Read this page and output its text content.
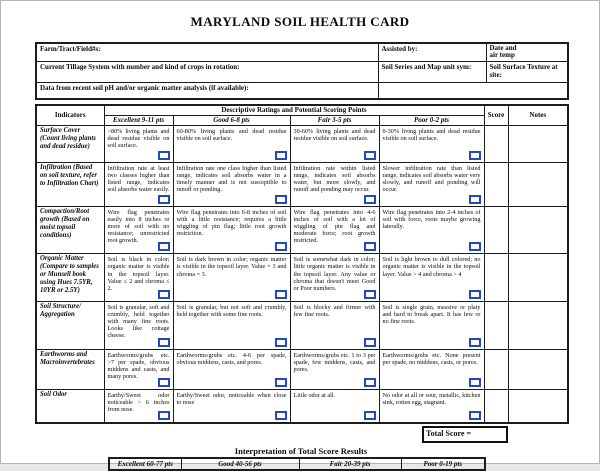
MARYLAND SOIL HEALTH CARD
Farm/Tract/Field#s:	Assisted by:	Date and
air temp

Current Tillage System with number and kind of crops in rotation:	Soil Series and Map unit sym:	Soil Surface Texture at site:
Data from recent soil pH and/or organic matter analysis (if available):		
Indicators	Descriptive Ratings and Potential Scoring Points				Score	Notes
	Excellent 9-11 pts	Good 6-8 pts	Fair 3-5 pts	Poor 0-2 pts		
Surface Cover (Count living plants and dead residue)	>80% living plants and dead residue visible on soil surface.	60-80% living plants and dead residue visible on soil surface.	30-60% living plants and dead residue visible on soil surface.	0-30% living plants and dead residue visible on soil surface.

Infiltration (Based on soil texture, refer to Infiltration Chart)	Infiltration rate at least two classes higher than listed range, indicates soil absorbs water easily.	Infiltration rate one class higher than listed range, indicates soil absorbs water in a timely manner and is not susceptible to runoff or ponding.	Infiltration rate within listed range, indicates soil absorbs water, but more slowly, and runoff and ponding may occur.	Slower infiltration rate than listed range, indicates soil absorbs water very slowly, and runoff and ponding will occur.

Compaction/Root growth (Based on moist topsoil conditions)	Wire flag penetrates easily into 8 inches or more of soil with no resistance; unrestricted root growth.	Wire flag penetrates into 6-8 inches of soil with a little resistance; requires a little wiggling of pin flag; little root growth restriction.	Wire flag penetrates into 4-6 inches of soil with a lot of wiggling of pin flag and moderate force; root growth restricted.	Wire flag penetrates into 2-4 inches of soil with force, roots maybe growing laterally.

Organic Matter (Compare to samples or Munsell book using Hues 7.5YR, 10YR or 2.5Y)	Soil is black in color; organic matter is visible in the topsoil layer. Value ≤ 2 and chroma ≤ 2.	Soil is dark brown in color; organic matter is visible in the topsoil layer. Value = 3 and chroma = 3.	Soil is somewhat dark in color; little organic matter is visible in the topsoil layer. Any value or chroma that doesn't meet Good or Poor numbers.	Soil is light brown to dull colored; no organic matter is visible in the topsoil layer. Value > 4 and chroma > 4

Soil Structure/ Aggregation	Soil is granular, soft and crumbly, held together with many fine roots. Looks like cottage cheese.	Soil is granular, but not soft and crumbly, held together with some fine roots.	Soil is blocky and firmer with few fine roots.	Soil is single grain, massive or platy and hard to break apart. It has few or no fine roots.

Earthworms and Macroinvertebrates	Earthworms/grubs etc. >7 per spade, obvious middens and casts, and many pores.	Earthworms/grubs etc. 4-6 per spade, obvious middens, casts, and pores.	Earthworms/grubs etc. 1 to 3 per spade, few middens, casts, and pores.	Earthworms/grubs etc. None present per spade, no middens, casts, or pores.

Soil Odor	Earthy/Sweet odor noticeable > 6 inches from nose.	Earthy/Sweet odor, noticeable when close to nose	Little odor at all.	No odor at all or sour, metallic, kitchen sink, rotten egg, stagnant.

Total Score =
Interpretation of Total Score Results
Excellent 60-77 pts	Good 40-56 pts	Fair 20-39 pts	Poor 0-19 pts
